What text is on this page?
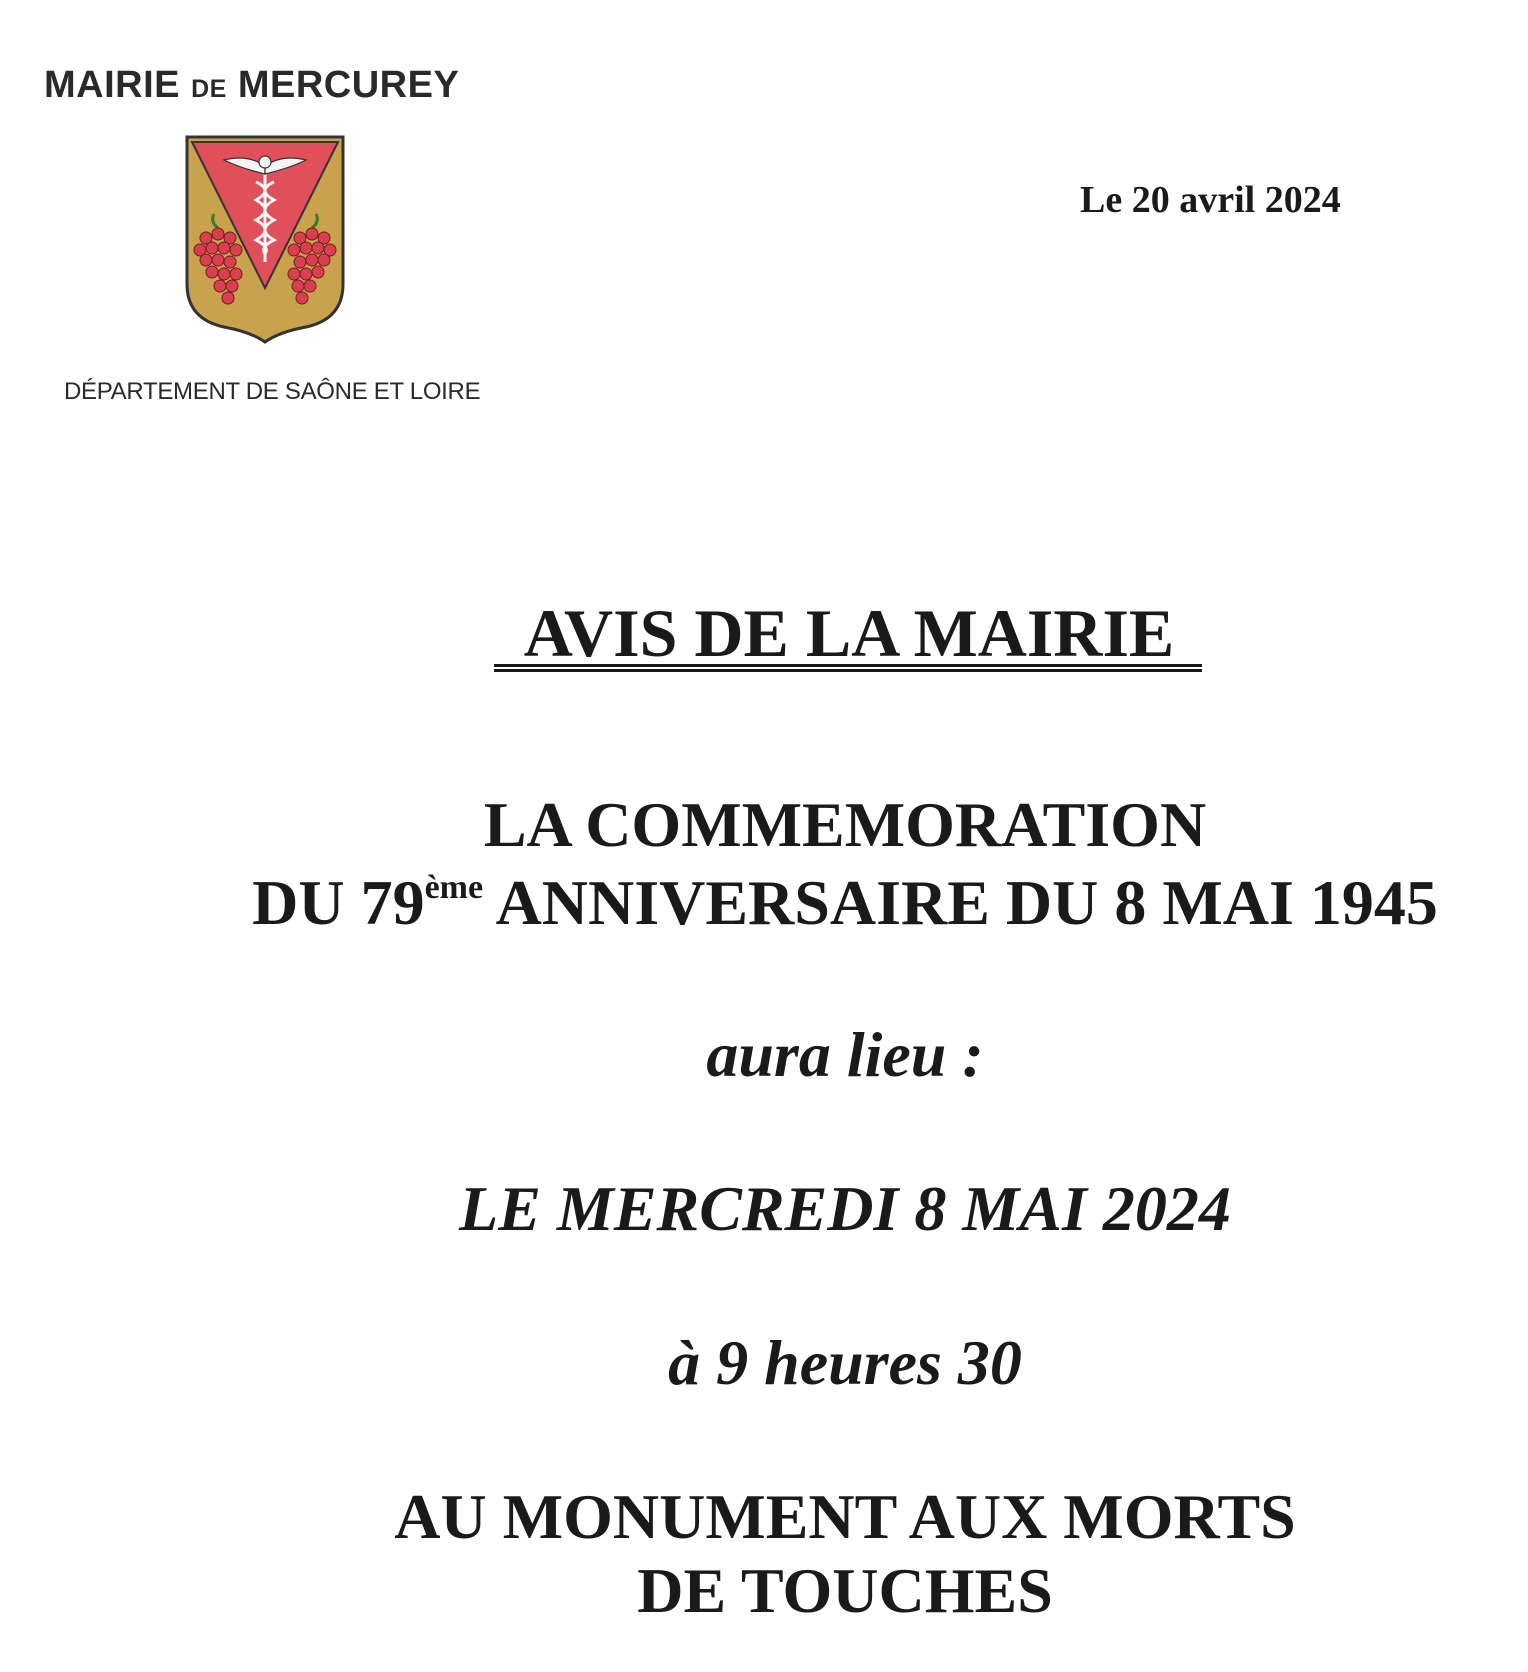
MAIRIE DE MERCUREY
DÉPARTEMENT DE SAÔNE ET LOIRE
Le 20 avril 2024
AVIS DE LA MAIRIE
LA COMMEMORATION
DU 79ème ANNIVERSAIRE DU 8 MAI 1945
aura lieu :
LE MERCREDI 8 MAI 2024
à 9 heures 30
AU MONUMENT AUX MORTS
DE TOUCHES
